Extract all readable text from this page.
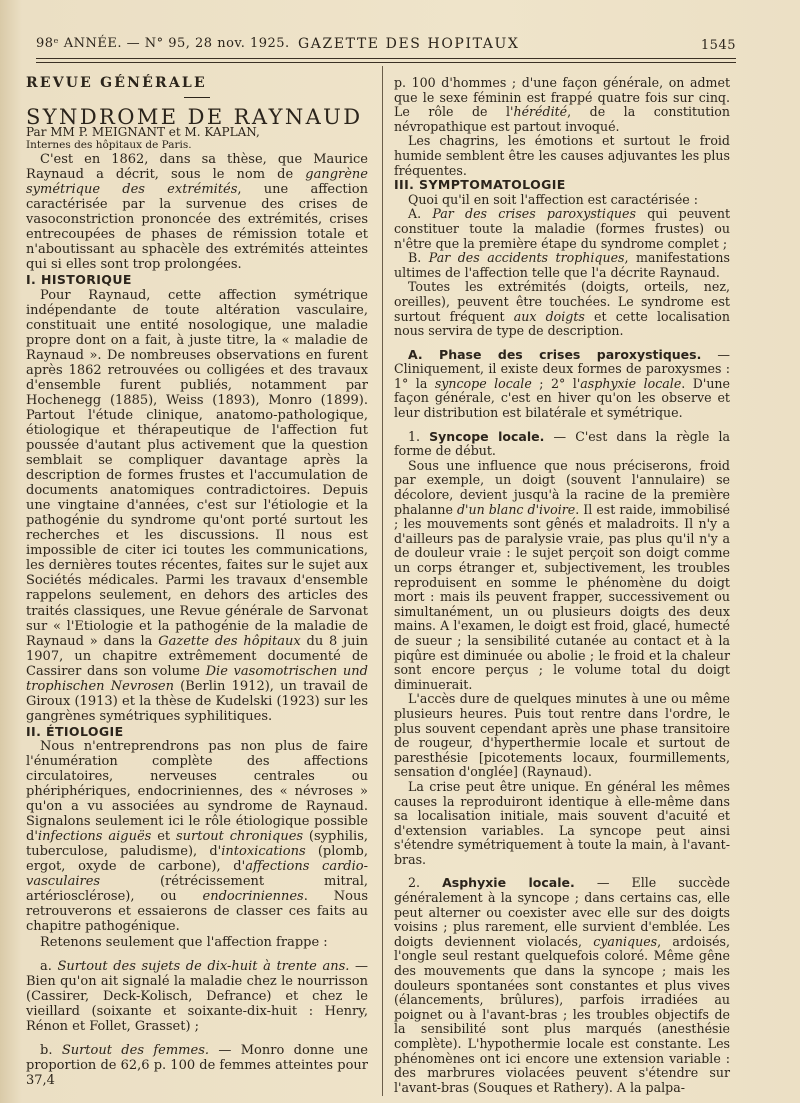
98ᵉ ANNÉE. — N° 95, 28 nov. 1925. GAZETTE DES HOPITAUX	1545

REVUE GÉNÉRALE

SYNDROME DE RAYNAUD

Par MM P. MEIGNANT et M. KAPLAN,

Internes des hôpitaux de Paris.

C'est en 1862, dans sa thèse, que Maurice Raynaud a décrit, sous le nom de gangrène symétrique des extrémités, une affection caractérisée par la survenue des crises de vasoconstriction prononcée des extrémités, crises entrecoupées de phases de rémission totale et n'aboutissant au sphacèle des extrémités atteintes qui si elles sont trop prolongées.

I. HISTORIQUE

Pour Raynaud, cette affection symétrique indépendante de toute altération vasculaire, constituait une entité nosologique, une maladie propre dont on a fait, à juste titre, la « maladie de Raynaud ». De nombreuses observations en furent après 1862 retrouvées ou colligées et des travaux d'ensemble furent publiés, notamment par Hochenegg (1885), Weiss (1893), Monro (1899). Partout l'étude clinique, anatomo-pathologique, étiologique et thérapeutique de l'affection fut poussée d'autant plus activement que la question semblait se compliquer davantage après la description de formes frustes et l'accumulation de documents anatomiques contradictoires. Depuis une vingtaine d'années, c'est sur l'étiologie et la pathogénie du syndrome qu'ont porté surtout les recherches et les discussions. Il nous est impossible de citer ici toutes les communications, les dernières toutes récentes, faites sur le sujet aux Sociétés médicales. Parmi les travaux d'ensemble rappelons seulement, en dehors des articles des traités classiques, une Revue générale de Sarvonat sur « l'Etiologie et la pathogénie de la maladie de Raynaud » dans la Gazette des hôpitaux du 8 juin 1907, un chapitre extrêmement documenté de Cassirer dans son volume Die vasomotrischen und trophischen Nevrosen (Berlin 1912), un travail de Giroux (1913) et la thèse de Kudelski (1923) sur les gangrènes symétriques syphilitiques.

II. ÉTIOLOGIE

Nous n'entreprendrons pas non plus de faire l'énumération complète des affections circulatoires, nerveuses centrales ou phériphériques, endocriniennes, des « névroses » qu'on a vu associées au syndrome de Raynaud. Signalons seulement ici le rôle étiologique possible d'infections aiguës et surtout chroniques (syphilis, tuberculose, paludisme), d'intoxications (plomb, ergot, oxyde de carbone), d'affections cardio-vasculaires (rétrécissement mitral, artériosclérose), ou endocriniennes. Nous retrouverons et essaierons de classer ces faits au chapitre pathogénique.

Retenons seulement que l'affection frappe :

a. Surtout des sujets de dix-huit à trente ans. — Bien qu'on ait signalé la maladie chez le nourrisson (Cassirer, Deck-Kolisch, Defrance) et chez le vieillard (soixante et soixante-dix-huit : Henry, Rénon et Follet, Grasset) ;

b. Surtout des femmes. — Monro donne une proportion de 62,6 p. 100 de femmes atteintes pour 37,4

p. 100 d'hommes ; d'une façon générale, on admet que le sexe féminin est frappé quatre fois sur cinq. Le rôle de l'hérédité, de la constitution névropathique est partout invoqué.

Les chagrins, les émotions et surtout le froid humide semblent être les causes adjuvantes les plus fréquentes.

III. SYMPTOMATOLOGIE

Quoi qu'il en soit l'affection est caractérisée :

A. Par des crises paroxystiques qui peuvent constituer toute la maladie (formes frustes) ou n'être que la première étape du syndrome complet ;

B. Par des accidents trophiques, manifestations ultimes de l'affection telle que l'a décrite Raynaud.

Toutes les extrémités (doigts, orteils, nez, oreilles), peuvent être touchées. Le syndrome est surtout fréquent aux doigts et cette localisation nous servira de type de description.

A. Phase des crises paroxystiques. — Cliniquement, il existe deux formes de paroxysmes : 1° la syncope locale ; 2° l'asphyxie locale. D'une façon générale, c'est en hiver qu'on les observe et leur distribution est bilatérale et symétrique.

1. Syncope locale. — C'est dans la règle la forme de début.

Sous une influence que nous préciserons, froid par exemple, un doigt (souvent l'annulaire) se décolore, devient jusqu'à la racine de la première phalanne d'un blanc d'ivoire. Il est raide, immobilisé ; les mouvements sont gênés et maladroits. Il n'y a d'ailleurs pas de paralysie vraie, pas plus qu'il n'y a de douleur vraie : le sujet perçoit son doigt comme un corps étranger et, subjectivement, les troubles reproduisent en somme le phénomène du doigt mort : mais ils peuvent frapper, successivement ou simultanément, un ou plusieurs doigts des deux mains. A l'examen, le doigt est froid, glacé, humecté de sueur ; la sensibilité cutanée au contact et à la piqûre est diminuée ou abolie ; le froid et la chaleur sont encore perçus ; le volume total du doigt diminuerait.

L'accès dure de quelques minutes à une ou même plusieurs heures. Puis tout rentre dans l'ordre, le plus souvent cependant après une phase transitoire de rougeur, d'hyperthermie locale et surtout de paresthésie [picotements locaux, fourmillements, sensation d'onglée] (Raynaud).

La crise peut être unique. En général les mêmes causes la reproduiront identique à elle-même dans sa localisation initiale, mais souvent d'acuité et d'extension variables. La syncope peut ainsi s'étendre symétriquement à toute la main, à l'avant-bras.

2. Asphyxie locale. — Elle succède généralement à la syncope ; dans certains cas, elle peut alterner ou coexister avec elle sur des doigts voisins ; plus rarement, elle survient d'emblée. Les doigts deviennent violacés, cyaniques, ardoisés, l'ongle seul restant quelquefois coloré. Même gêne des mouvements que dans la syncope ; mais les douleurs spontanées sont constantes et plus vives (élancements, brûlures), parfois irradiées au poignet ou à l'avant-bras ; les troubles objectifs de la sensibilité sont plus marqués (anesthésie complète). L'hypothermie locale est constante. Les phénomènes ont ici encore une extension variable : des marbrures violacées peuvent s'étendre sur l'avant-bras (Souques et Rathery). A la palpa-
